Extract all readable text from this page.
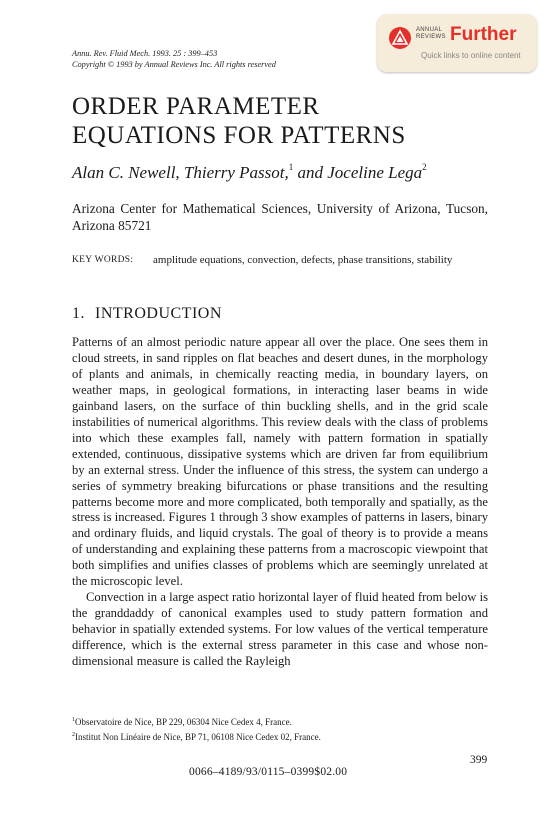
Annu. Rev. Fluid Mech. 1993. 25 : 399–453
Copyright © 1993 by Annual Reviews Inc. All rights reserved
ANNUAL
REVIEWS Further
Quick links to online content
ORDER PARAMETER
EQUATIONS FOR PATTERNS
Alan C. Newell, Thierry Passot,$^1$ and Joceline Lega$^2$
Arizona Center for Mathematical Sciences, University of Arizona, Tucson, Arizona 85721
KEY WORDS: amplitude equations, convection, defects, phase transitions, stability
1. INTRODUCTION

Patterns of an almost periodic nature appear all over the place. One sees them in cloud streets, in sand ripples on flat beaches and desert dunes, in the morphology of plants and animals, in chemically reacting media, in boundary layers, on weather maps, in geological formations, in interacting laser beams in wide gainband lasers, on the surface of thin buckling shells, and in the grid scale instabilities of numerical algorithms. This review deals with the class of problems into which these examples fall, namely with pattern formation in spatially extended, continuous, dissipative systems which are driven far from equilibrium by an external stress. Under the influence of this stress, the system can undergo a series of symmetry breaking bifurcations or phase transitions and the resulting patterns become more and more complicated, both temporally and spatially, as the stress is increased. Figures 1 through 3 show examples of patterns in lasers, binary and ordinary fluids, and liquid crystals. The goal of theory is to provide a means of understanding and explaining these patterns from a macroscopic viewpoint that both simplifies and unifies classes of problems which are seemingly unrelated at the microscopic level.

Convection in a large aspect ratio horizontal layer of fluid heated from below is the granddaddy of canonical examples used to study pattern formation and behavior in spatially extended systems. For low values of the vertical temperature difference, which is the external stress parameter in this case and whose non-dimensional measure is called the Rayleigh

$^1$Observatoire de Nice, BP 229, 06304 Nice Cedex 4, France.
$^2$Institut Non Linéaire de Nice, BP 71, 06108 Nice Cedex 02, France.
399
0066–4189/93/0115–0399$02.00
